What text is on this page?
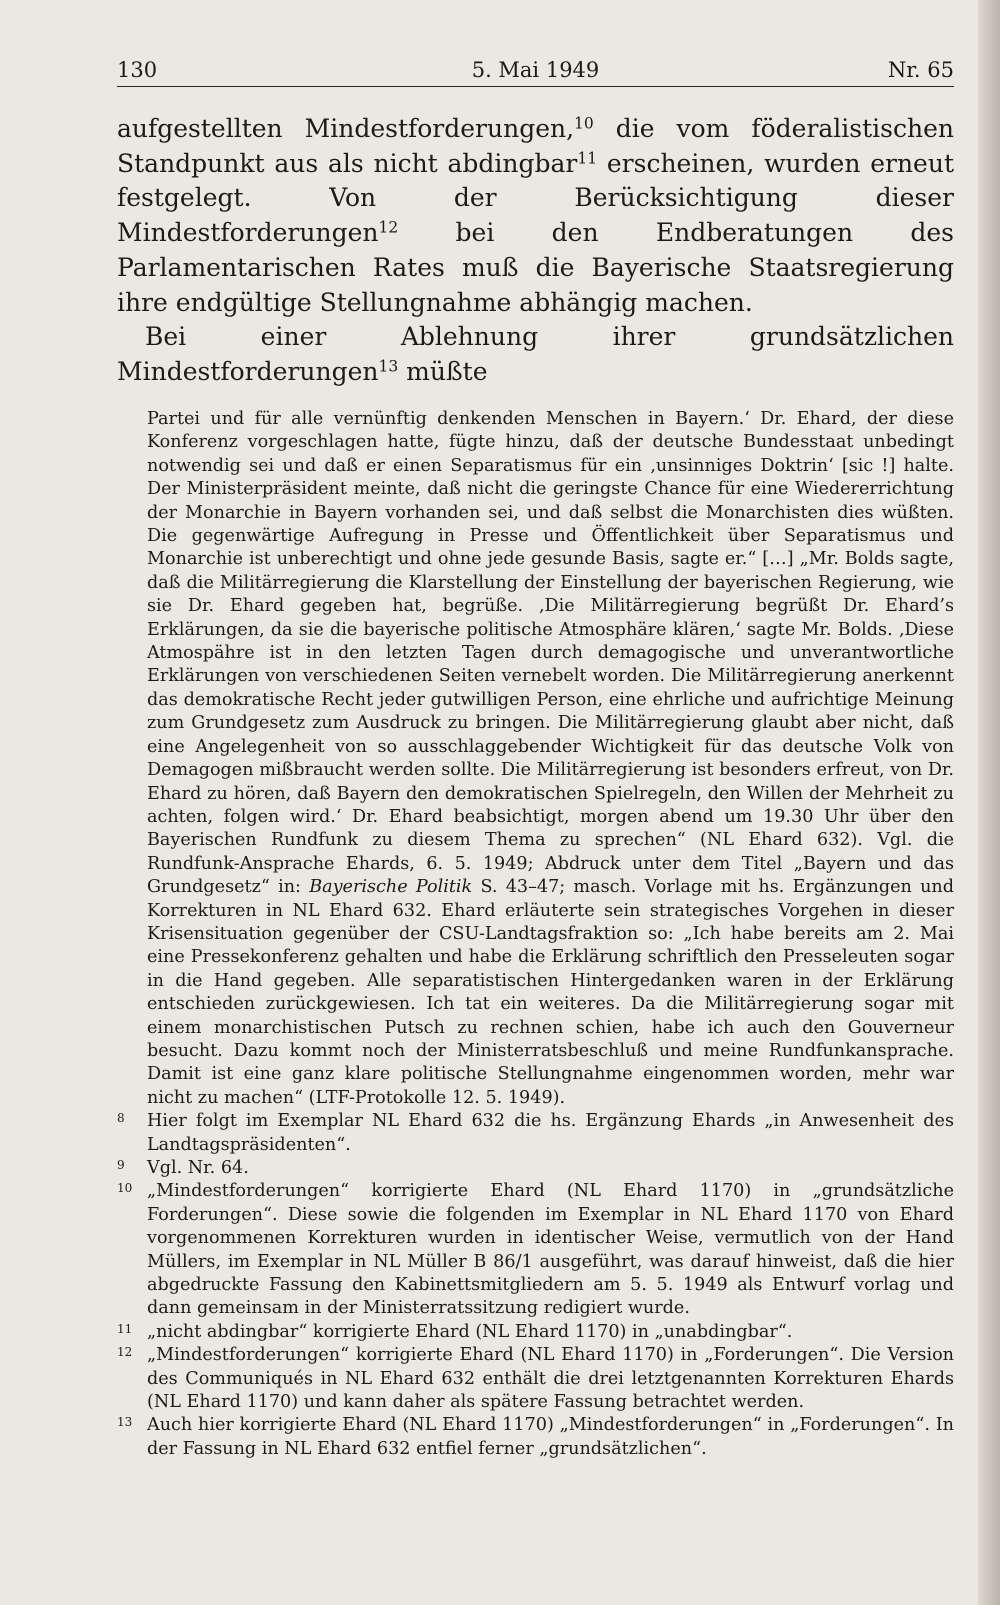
130	5. Mai 1949	Nr. 65

aufgestellten Mindestforderungen,$^{10}$ die vom föderalistischen Standpunkt aus als nicht abdingbar$^{11}$ erscheinen, wurden erneut festgelegt. Von der Berücksichtigung dieser Mindestforderungen$^{12}$ bei den Endberatungen des Parlamentarischen Rates muß die Bayerische Staatsregierung ihre endgültige Stellungnahme abhängig machen.

Bei einer Ablehnung ihrer grundsätzlichen Mindestforderungen$^{13}$ müßte

Partei und für alle vernünftig denkenden Menschen in Bayern.‘ Dr. Ehard, der diese Konferenz vorgeschlagen hatte, fügte hinzu, daß der deutsche Bundesstaat unbedingt notwendig sei und daß er einen Separatismus für ein ‚unsinniges Doktrin‘ [sic !] halte. Der Ministerpräsident meinte, daß nicht die geringste Chance für eine Wiedererrichtung der Monarchie in Bayern vorhanden sei, und daß selbst die Monarchisten dies wüßten. Die gegenwärtige Aufregung in Presse und Öffentlichkeit über Separatismus und Monarchie ist unberechtigt und ohne jede gesunde Basis, sagte er.“ […] „Mr. Bolds sagte, daß die Militärregierung die Klarstellung der Einstellung der bayerischen Regierung, wie sie Dr. Ehard gegeben hat, begrüße. ‚Die Militärregierung begrüßt Dr. Ehard’s Erklärungen, da sie die bayerische politische Atmosphäre klären,‘ sagte Mr. Bolds. ‚Diese Atmospähre ist in den letzten Tagen durch demagogische und unverantwortliche Erklärungen von verschiedenen Seiten vernebelt worden. Die Militärregierung anerkennt das demokratische Recht jeder gutwilligen Person, eine ehrliche und aufrichtige Meinung zum Grundgesetz zum Ausdruck zu bringen. Die Militärregierung glaubt aber nicht, daß eine Angelegenheit von so ausschlaggebender Wichtigkeit für das deutsche Volk von Demagogen mißbraucht werden sollte. Die Militärregierung ist besonders erfreut, von Dr. Ehard zu hören, daß Bayern den demokratischen Spielregeln, den Willen der Mehrheit zu achten, folgen wird.‘ Dr. Ehard beabsichtigt, morgen abend um 19.30 Uhr über den Bayerischen Rundfunk zu diesem Thema zu sprechen“ (NL Ehard 632). Vgl. die Rundfunk-Ansprache Ehards, 6. 5. 1949; Abdruck unter dem Titel „Bayern und das Grundgesetz“ in: Bayerische Politik S. 43–47; masch. Vorlage mit hs. Ergänzungen und Korrekturen in NL Ehard 632. Ehard erläuterte sein strategisches Vorgehen in dieser Krisensituation gegenüber der CSU-Landtagsfraktion so: „Ich habe bereits am 2. Mai eine Pressekonferenz gehalten und habe die Erklärung schriftlich den Presseleuten sogar in die Hand gegeben. Alle separatistischen Hintergedanken waren in der Erklärung entschieden zurückgewiesen. Ich tat ein weiteres. Da die Militärregierung sogar mit einem monarchistischen Putsch zu rechnen schien, habe ich auch den Gouverneur besucht. Dazu kommt noch der Ministerratsbeschluß und meine Rundfunkansprache. Damit ist eine ganz klare politische Stellungnahme eingenommen worden, mehr war nicht zu machen“ (LTF-Protokolle 12. 5. 1949).

8 Hier folgt im Exemplar NL Ehard 632 die hs. Ergänzung Ehards „in Anwesenheit des Landtagspräsidenten“.

9 Vgl. Nr. 64.

10 „Mindestforderungen“ korrigierte Ehard (NL Ehard 1170) in „grundsätzliche Forderungen“. Diese sowie die folgenden im Exemplar in NL Ehard 1170 von Ehard vorgenommenen Korrekturen wurden in identischer Weise, vermutlich von der Hand Müllers, im Exemplar in NL Müller B 86/1 ausgeführt, was darauf hinweist, daß die hier abgedruckte Fassung den Kabinettsmitgliedern am 5. 5. 1949 als Entwurf vorlag und dann gemeinsam in der Ministerratssitzung redigiert wurde.

11 „nicht abdingbar“ korrigierte Ehard (NL Ehard 1170) in „unabdingbar“.

12 „Mindestforderungen“ korrigierte Ehard (NL Ehard 1170) in „Forderungen“. Die Version des Communiqués in NL Ehard 632 enthält die drei letztgenannten Korrekturen Ehards (NL Ehard 1170) und kann daher als spätere Fassung betrachtet werden.

13 Auch hier korrigierte Ehard (NL Ehard 1170) „Mindestforderungen“ in „Forderungen“. In der Fassung in NL Ehard 632 entfiel ferner „grundsätzlichen“.
